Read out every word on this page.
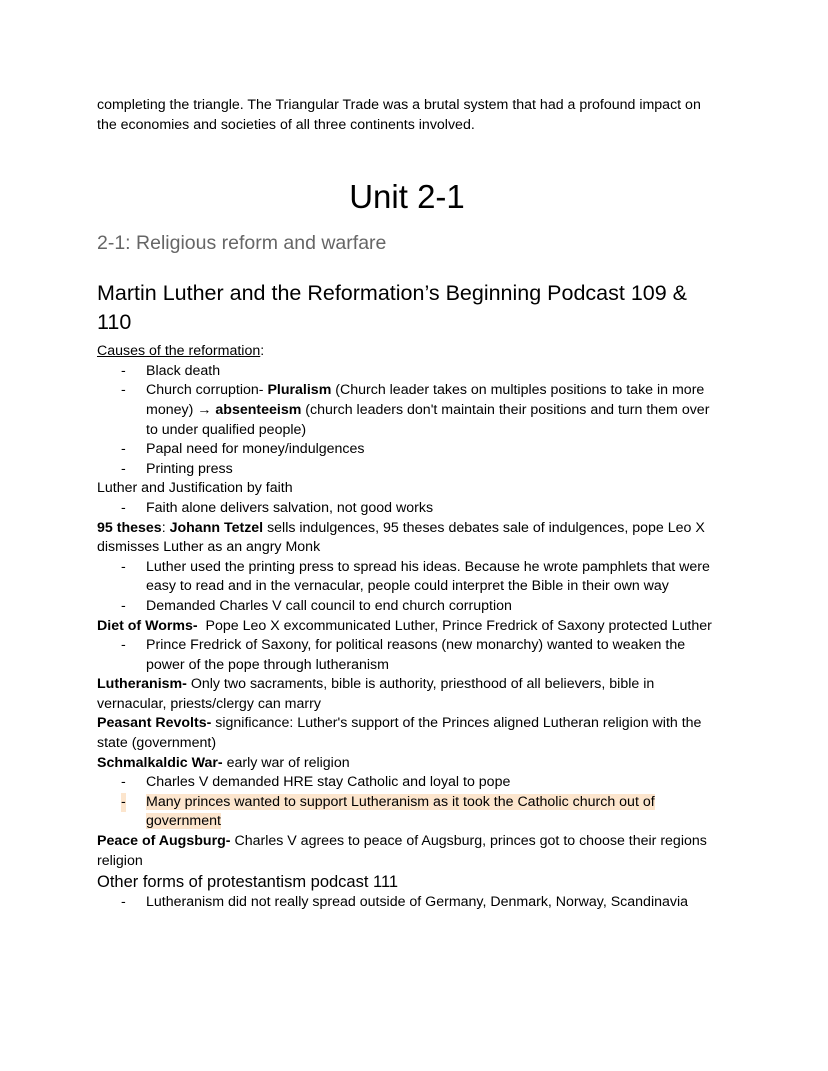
completing the triangle. The Triangular Trade was a brutal system that had a profound impact on the economies and societies of all three continents involved.

Unit 2-1
2-1: Religious reform and warfare
Martin Luther and the Reformation’s Beginning Podcast 109 & 110

Causes of the reformation:

- Black death
- Church corruption- Pluralism (Church leader takes on multiples positions to take in more money) → absenteeism (church leaders don't maintain their positions and turn them over to under qualified people)
- Papal need for money/indulgences
- Printing press

Luther and Justification by faith

- Faith alone delivers salvation, not good works

95 theses: Johann Tetzel sells indulgences, 95 theses debates sale of indulgences, pope Leo X dismisses Luther as an angry Monk

- Luther used the printing press to spread his ideas. Because he wrote pamphlets that were easy to read and in the vernacular, people could interpret the Bible in their own way
- Demanded Charles V call council to end church corruption

Diet of Worms-  Pope Leo X excommunicated Luther, Prince Fredrick of Saxony protected Luther

- Prince Fredrick of Saxony, for political reasons (new monarchy) wanted to weaken the power of the pope through lutheranism

Lutheranism- Only two sacraments, bible is authority, priesthood of all believers, bible in vernacular, priests/clergy can marry

Peasant Revolts- significance: Luther's support of the Princes aligned Lutheran religion with the state (government)

Schmalkaldic War- early war of religion

- Charles V demanded HRE stay Catholic and loyal to pope
- Many princes wanted to support Lutheranism as it took the Catholic church out of government

Peace of Augsburg- Charles V agrees to peace of Augsburg, princes got to choose their regions religion

Other forms of protestantism podcast 111
- Lutheranism did not really spread outside of Germany, Denmark, Norway, Scandinavia
